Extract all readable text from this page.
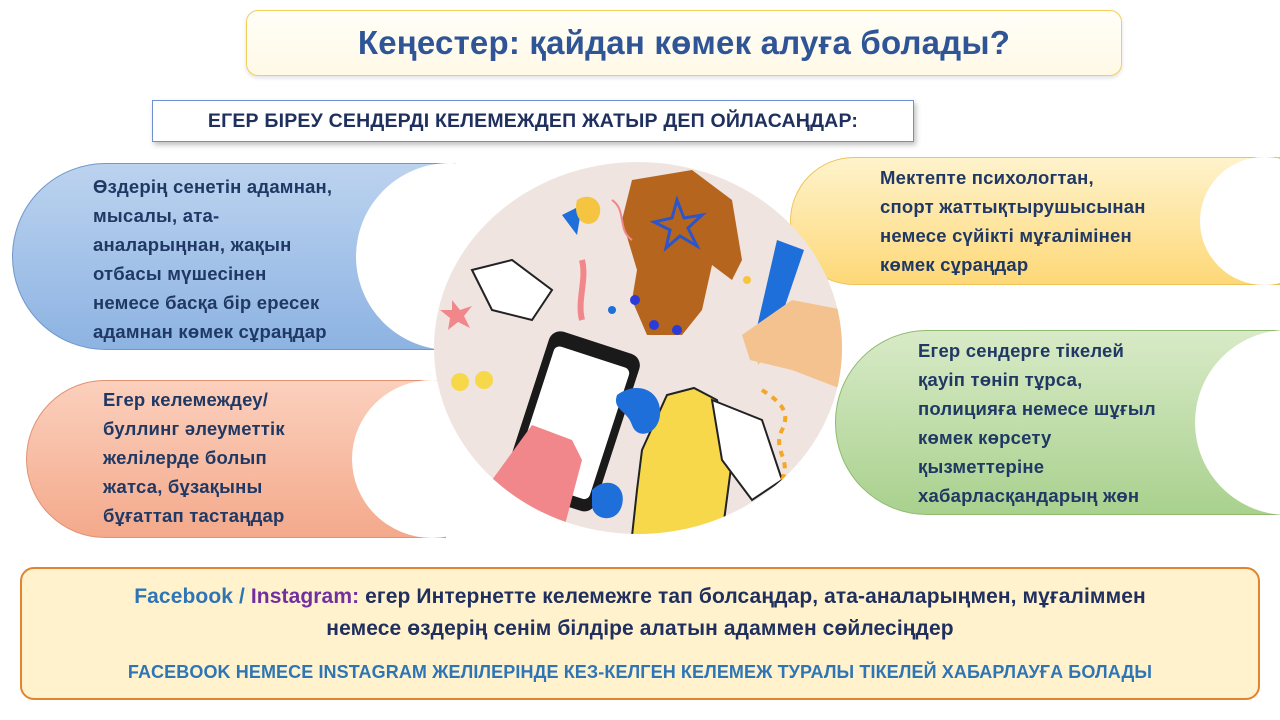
Кеңестер: қайдан көмек алуға болады?
ЕГЕР БІРЕУ СЕНДЕРДІ КЕЛЕМЕЖДЕП ЖАТЫР ДЕП ОЙЛАСАҢДАР:
Өздерің сенетін адамнан,
мысалы, ата-
аналарыңнан, жақын
отбасы мүшесінен
немесе басқа бір ересек
адамнан көмек сұраңдар
Егер келемеждеу/
буллинг әлеуметтік
желілерде болып
жатса, бұзақыны
бұғаттап тастаңдар
Мектепте психологтан,
спорт жаттықтырушысынан
немесе сүйікті мұғалімінен
көмек сұраңдар
Егер сендерге тікелей
қауіп төніп тұрса,
полицияға немесе шұғыл
көмек көрсету
қызметтеріне
хабарласқандарың жөн
Facebook / Instagram: егер Интернетте келемежге тап болсаңдар, ата-аналарыңмен, мұғаліммен
немесе өздерің сенім білдіре алатын адаммен сөйлесіңдер
FACEBOOK НЕМЕСЕ INSTAGRAM ЖЕЛІЛЕРІНДЕ КЕЗ-КЕЛГЕН КЕЛЕМЕЖ ТУРАЛЫ ТІКЕЛЕЙ ХАБАРЛАУҒА БОЛАДЫ
